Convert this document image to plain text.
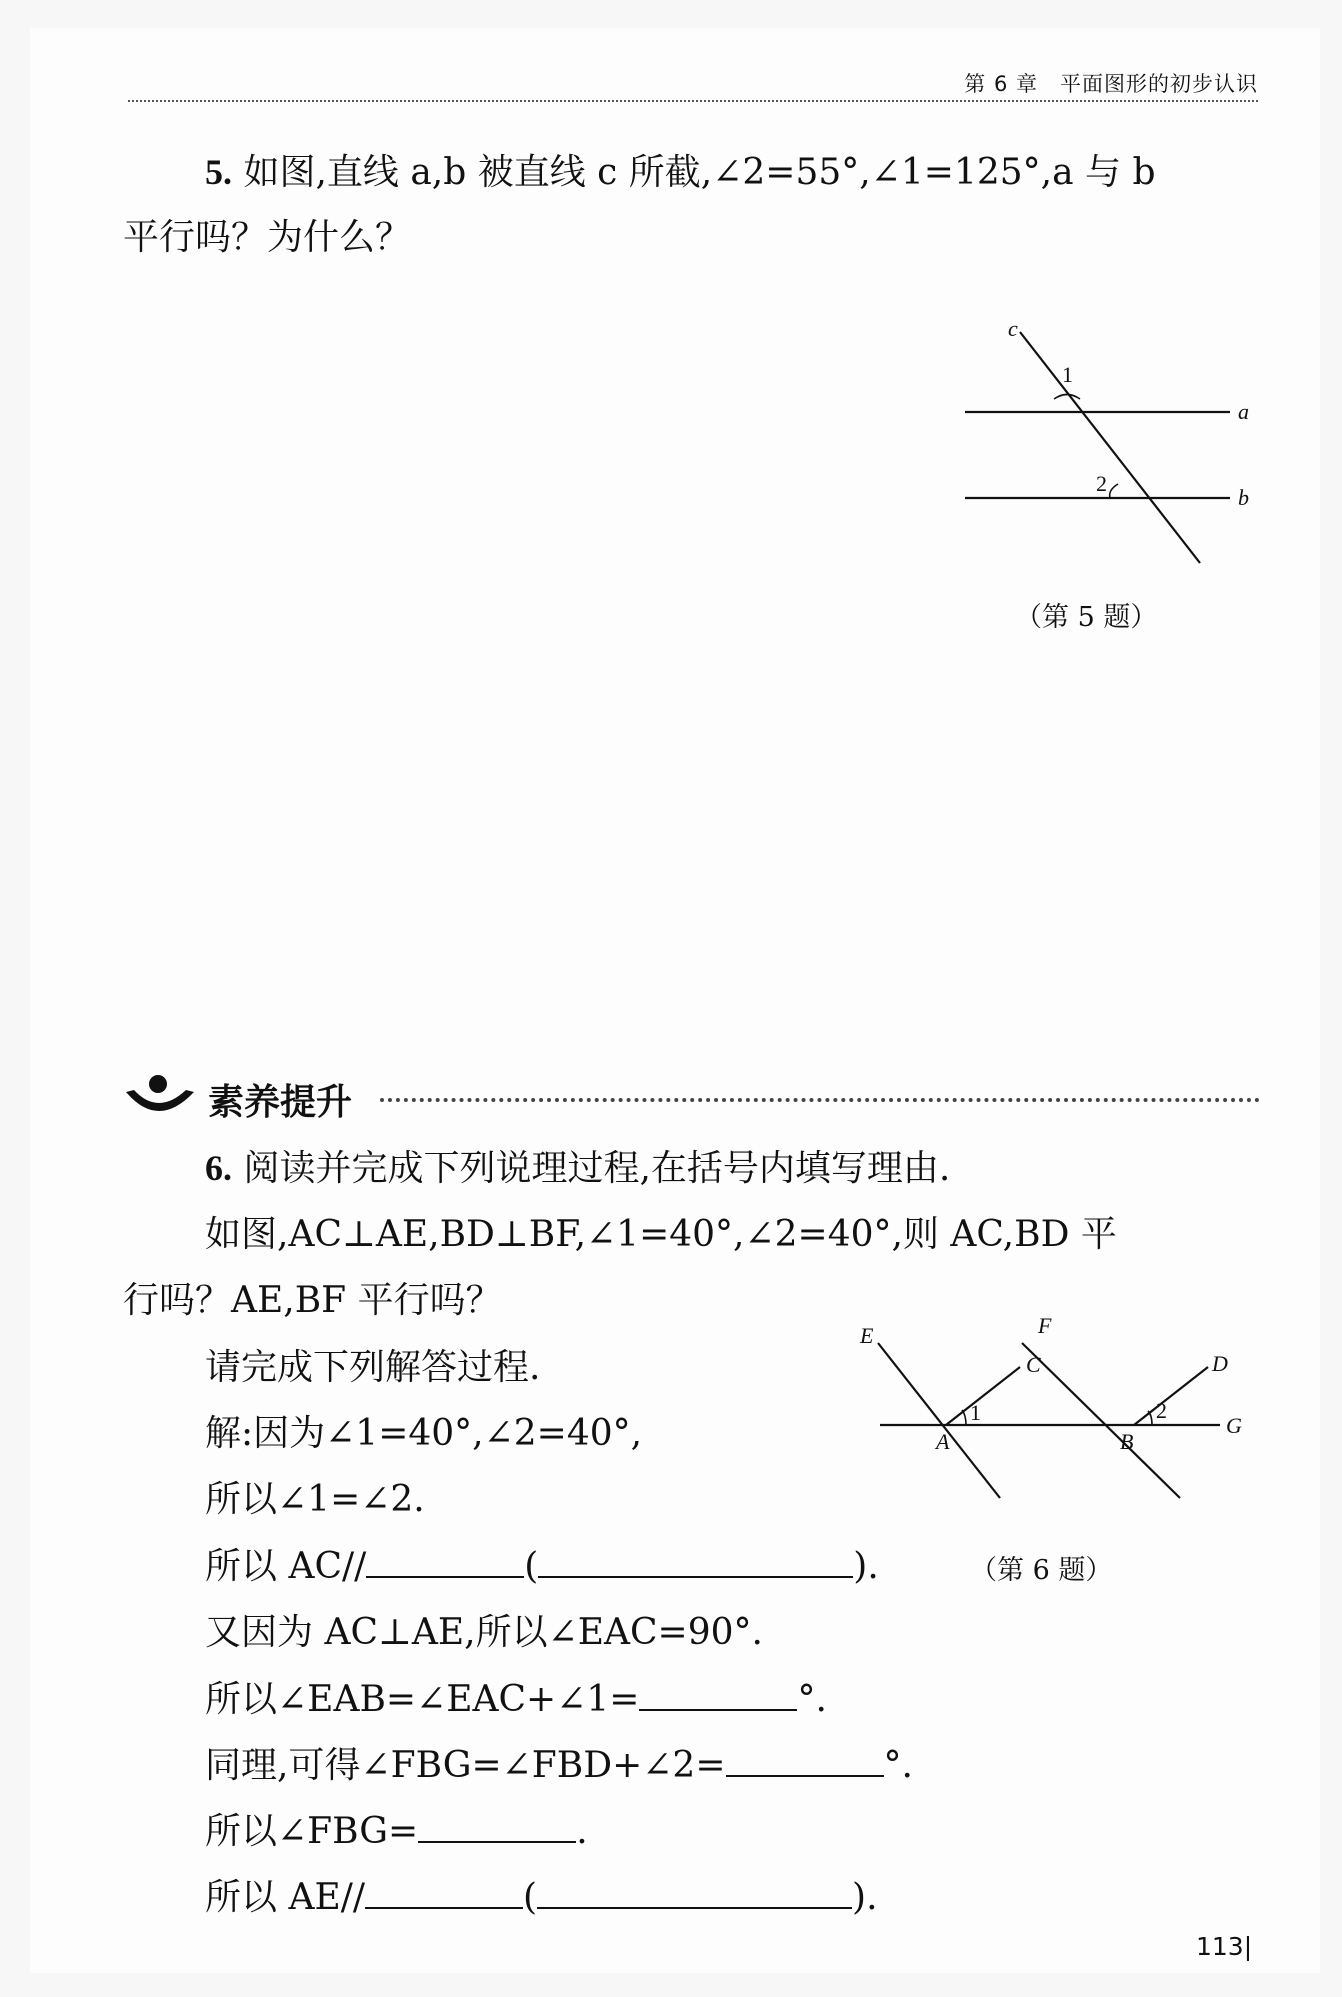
第 6 章　平面图形的初步认识
5. 如图,直线 a,b 被直线 c 所截,∠2=55°,∠1=125°,a 与 b
平行吗？为什么？
c
1
a
2
b
（第 5 题）
素养提升
6. 阅读并完成下列说理过程,在括号内填写理由.
如图,AC⊥AE,BD⊥BF,∠1=40°,∠2=40°,则 AC,BD 平
行吗？AE,BF 平行吗？
请完成下列解答过程.
解:因为∠1=40°,∠2=40°,
所以∠1=∠2.
所以 AC//	(	).	（第 6 题）
又因为 AC⊥AE,所以∠EAC=90°.
所以∠EAB=∠EAC+∠1=	°.
同理,可得∠FBG=∠FBD+∠2=	°.
所以∠FBG=	.
所以 AE//	(	).
E	F
C	D
1	2
A	B
G
113|
